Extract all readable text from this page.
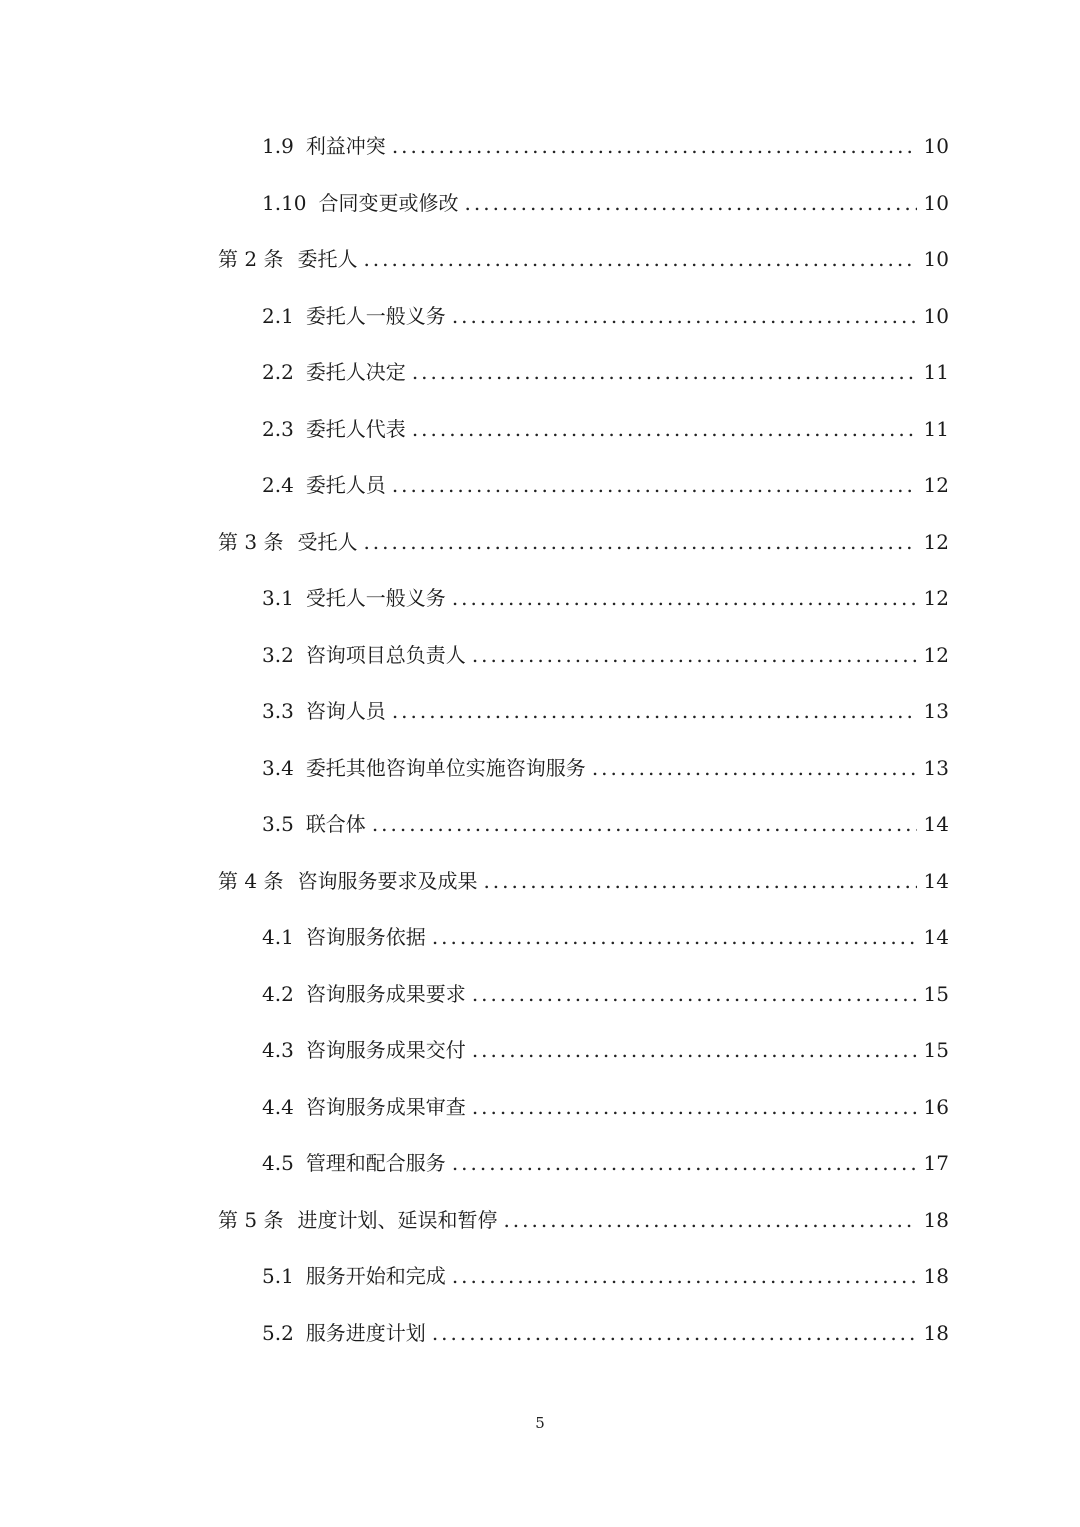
1.9 利益冲突 .....	10
1.10 合同变更或修改 .....	10
第 2 条 委托人 .....	10
2.1 委托人一般义务 .....	10
2.2 委托人决定 .....	11
2.3 委托人代表 .....	11
2.4 委托人员 .....	12
第 3 条 受托人 .....	12
3.1 受托人一般义务 .....	12
3.2 咨询项目总负责人 .....	12
3.3 咨询人员 .....	13
3.4 委托其他咨询单位实施咨询服务 .....	13
3.5 联合体 .....	14
第 4 条 咨询服务要求及成果 .....	14
4.1 咨询服务依据 .....	14
4.2 咨询服务成果要求 .....	15
4.3 咨询服务成果交付 .....	15
4.4 咨询服务成果审查 .....	16
4.5 管理和配合服务 .....	17
第 5 条 进度计划、延误和暂停 .....	18
5.1 服务开始和完成 .....	18
5.2 服务进度计划 .....	18
5
